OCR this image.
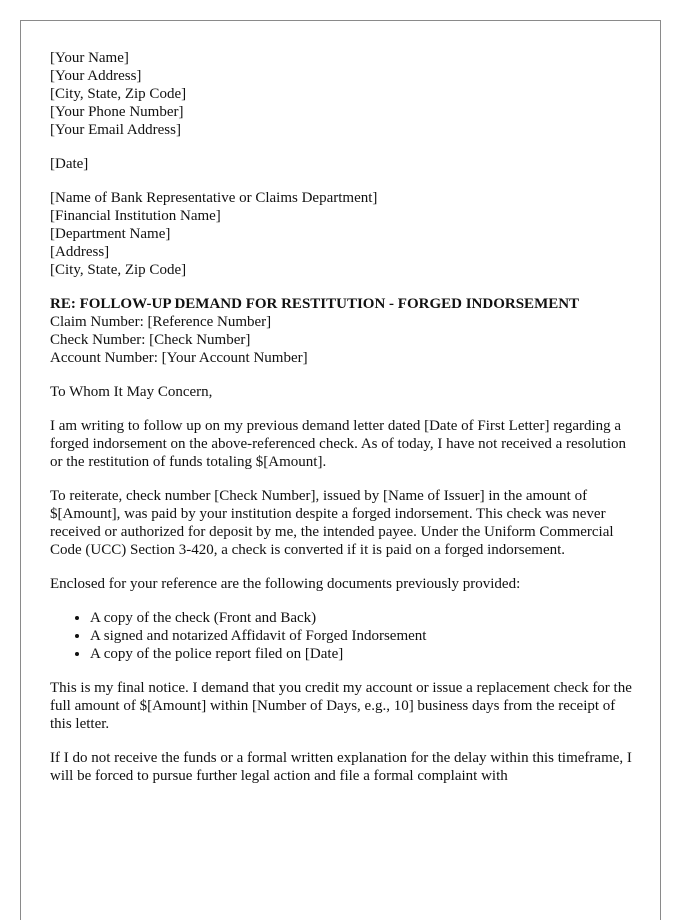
[Your Name]
[Your Address]
[City, State, Zip Code]
[Your Phone Number]
[Your Email Address]
[Date]
[Name of Bank Representative or Claims Department]
[Financial Institution Name]
[Department Name]
[Address]
[City, State, Zip Code]
RE: FOLLOW-UP DEMAND FOR RESTITUTION - FORGED INDORSEMENT
Claim Number: [Reference Number]
Check Number: [Check Number]
Account Number: [Your Account Number]

To Whom It May Concern,

I am writing to follow up on my previous demand letter dated [Date of First Letter] regarding a forged indorsement on the above-referenced check. As of today, I have not received a resolution or the restitution of funds totaling $[Amount].

To reiterate, check number [Check Number], issued by [Name of Issuer] in the amount of $[Amount], was paid by your institution despite a forged indorsement. This check was never received or authorized for deposit by me, the intended payee. Under the Uniform Commercial Code (UCC) Section 3-420, a check is converted if it is paid on a forged indorsement.

Enclosed for your reference are the following documents previously provided:

• A copy of the check (Front and Back)
• A signed and notarized Affidavit of Forged Indorsement
• A copy of the police report filed on [Date]

This is my final notice. I demand that you credit my account or issue a replacement check for the full amount of $[Amount] within [Number of Days, e.g., 10] business days from the receipt of this letter.

If I do not receive the funds or a formal written explanation for the delay within this timeframe, I will be forced to pursue further legal action and file a formal complaint with
